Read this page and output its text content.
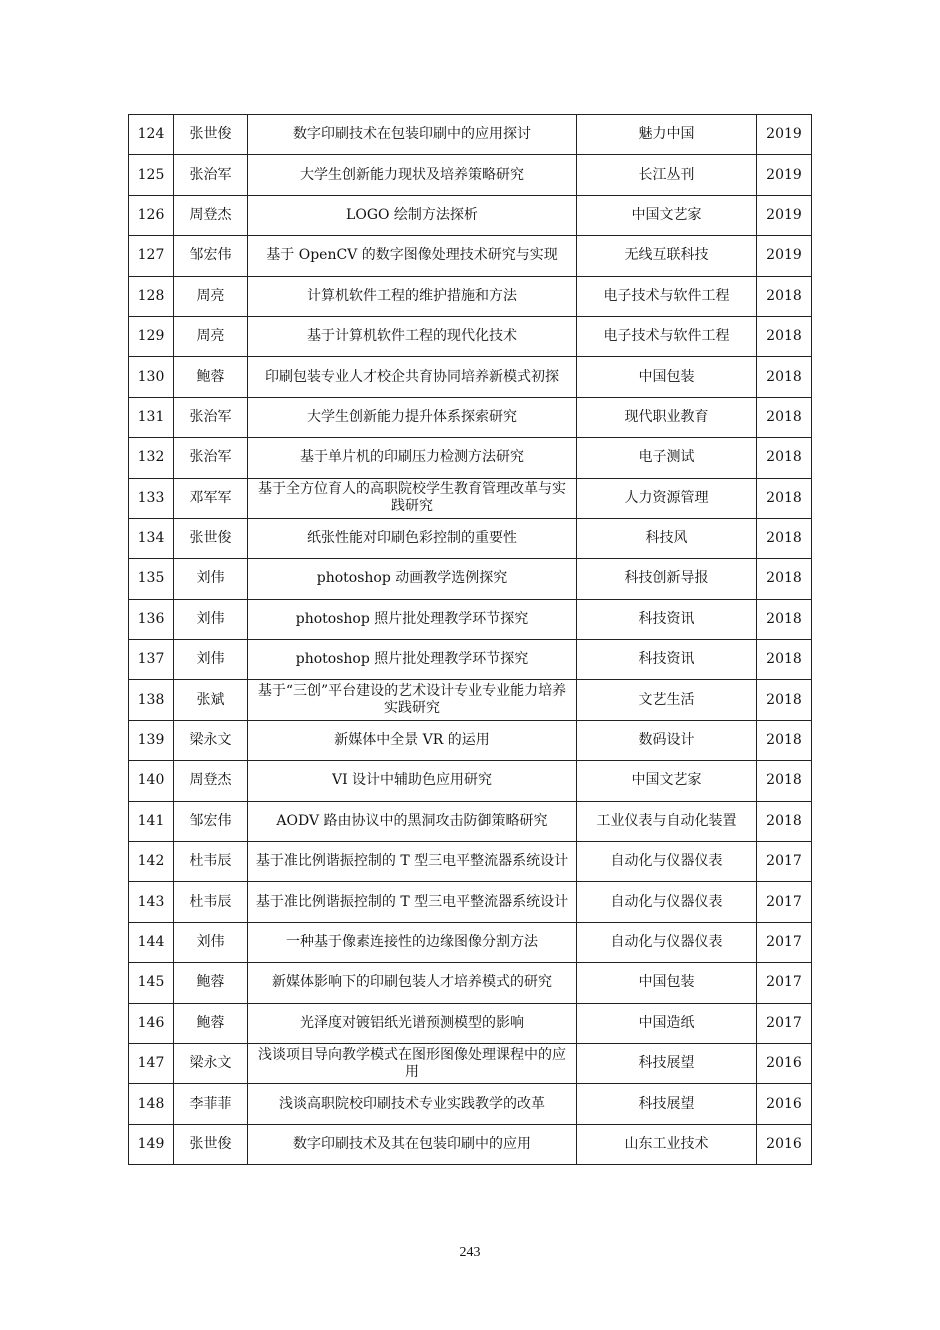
124	张世俊	数字印刷技术在包装印刷中的应用探讨	魅力中国	2019
125	张治军	大学生创新能力现状及培养策略研究	长江丛刊	2019
126	周登杰	LOGO 绘制方法探析	中国文艺家	2019
127	邹宏伟	基于 OpenCV 的数字图像处理技术研究与实现	无线互联科技	2019
128	周亮	计算机软件工程的维护措施和方法	电子技术与软件工程	2018
129	周亮	基于计算机软件工程的现代化技术	电子技术与软件工程	2018
130	鲍蓉	印刷包装专业人才校企共育协同培养新模式初探	中国包装	2018
131	张治军	大学生创新能力提升体系探索研究	现代职业教育	2018
132	张治军	基于单片机的印刷压力检测方法研究	电子测试	2018
133	邓军军	基于全方位育人的高职院校学生教育管理改革与实践研究	人力资源管理	2018
134	张世俊	纸张性能对印刷色彩控制的重要性	科技风	2018
135	刘伟	photoshop 动画教学选例探究	科技创新导报	2018
136	刘伟	photoshop 照片批处理教学环节探究	科技资讯	2018
137	刘伟	photoshop 照片批处理教学环节探究	科技资讯	2018
138	张斌	基于“三创”平台建设的艺术设计专业专业能力培养实践研究	文艺生活	2018
139	梁永文	新媒体中全景 VR 的运用	数码设计	2018
140	周登杰	VI 设计中辅助色应用研究	中国文艺家	2018
141	邹宏伟	AODV 路由协议中的黑洞攻击防御策略研究	工业仪表与自动化装置	2018
142	杜韦辰	基于准比例谐振控制的 T 型三电平整流器系统设计	自动化与仪器仪表	2017
143	杜韦辰	基于准比例谐振控制的 T 型三电平整流器系统设计	自动化与仪器仪表	2017
144	刘伟	一种基于像素连接性的边缘图像分割方法	自动化与仪器仪表	2017
145	鲍蓉	新媒体影响下的印刷包装人才培养模式的研究	中国包装	2017
146	鲍蓉	光泽度对镀铝纸光谱预测模型的影响	中国造纸	2017
147	梁永文	浅谈项目导向教学模式在图形图像处理课程中的应用	科技展望	2016
148	李菲菲	浅谈高职院校印刷技术专业实践教学的改革	科技展望	2016
149	张世俊	数字印刷技术及其在包装印刷中的应用	山东工业技术	2016
243
